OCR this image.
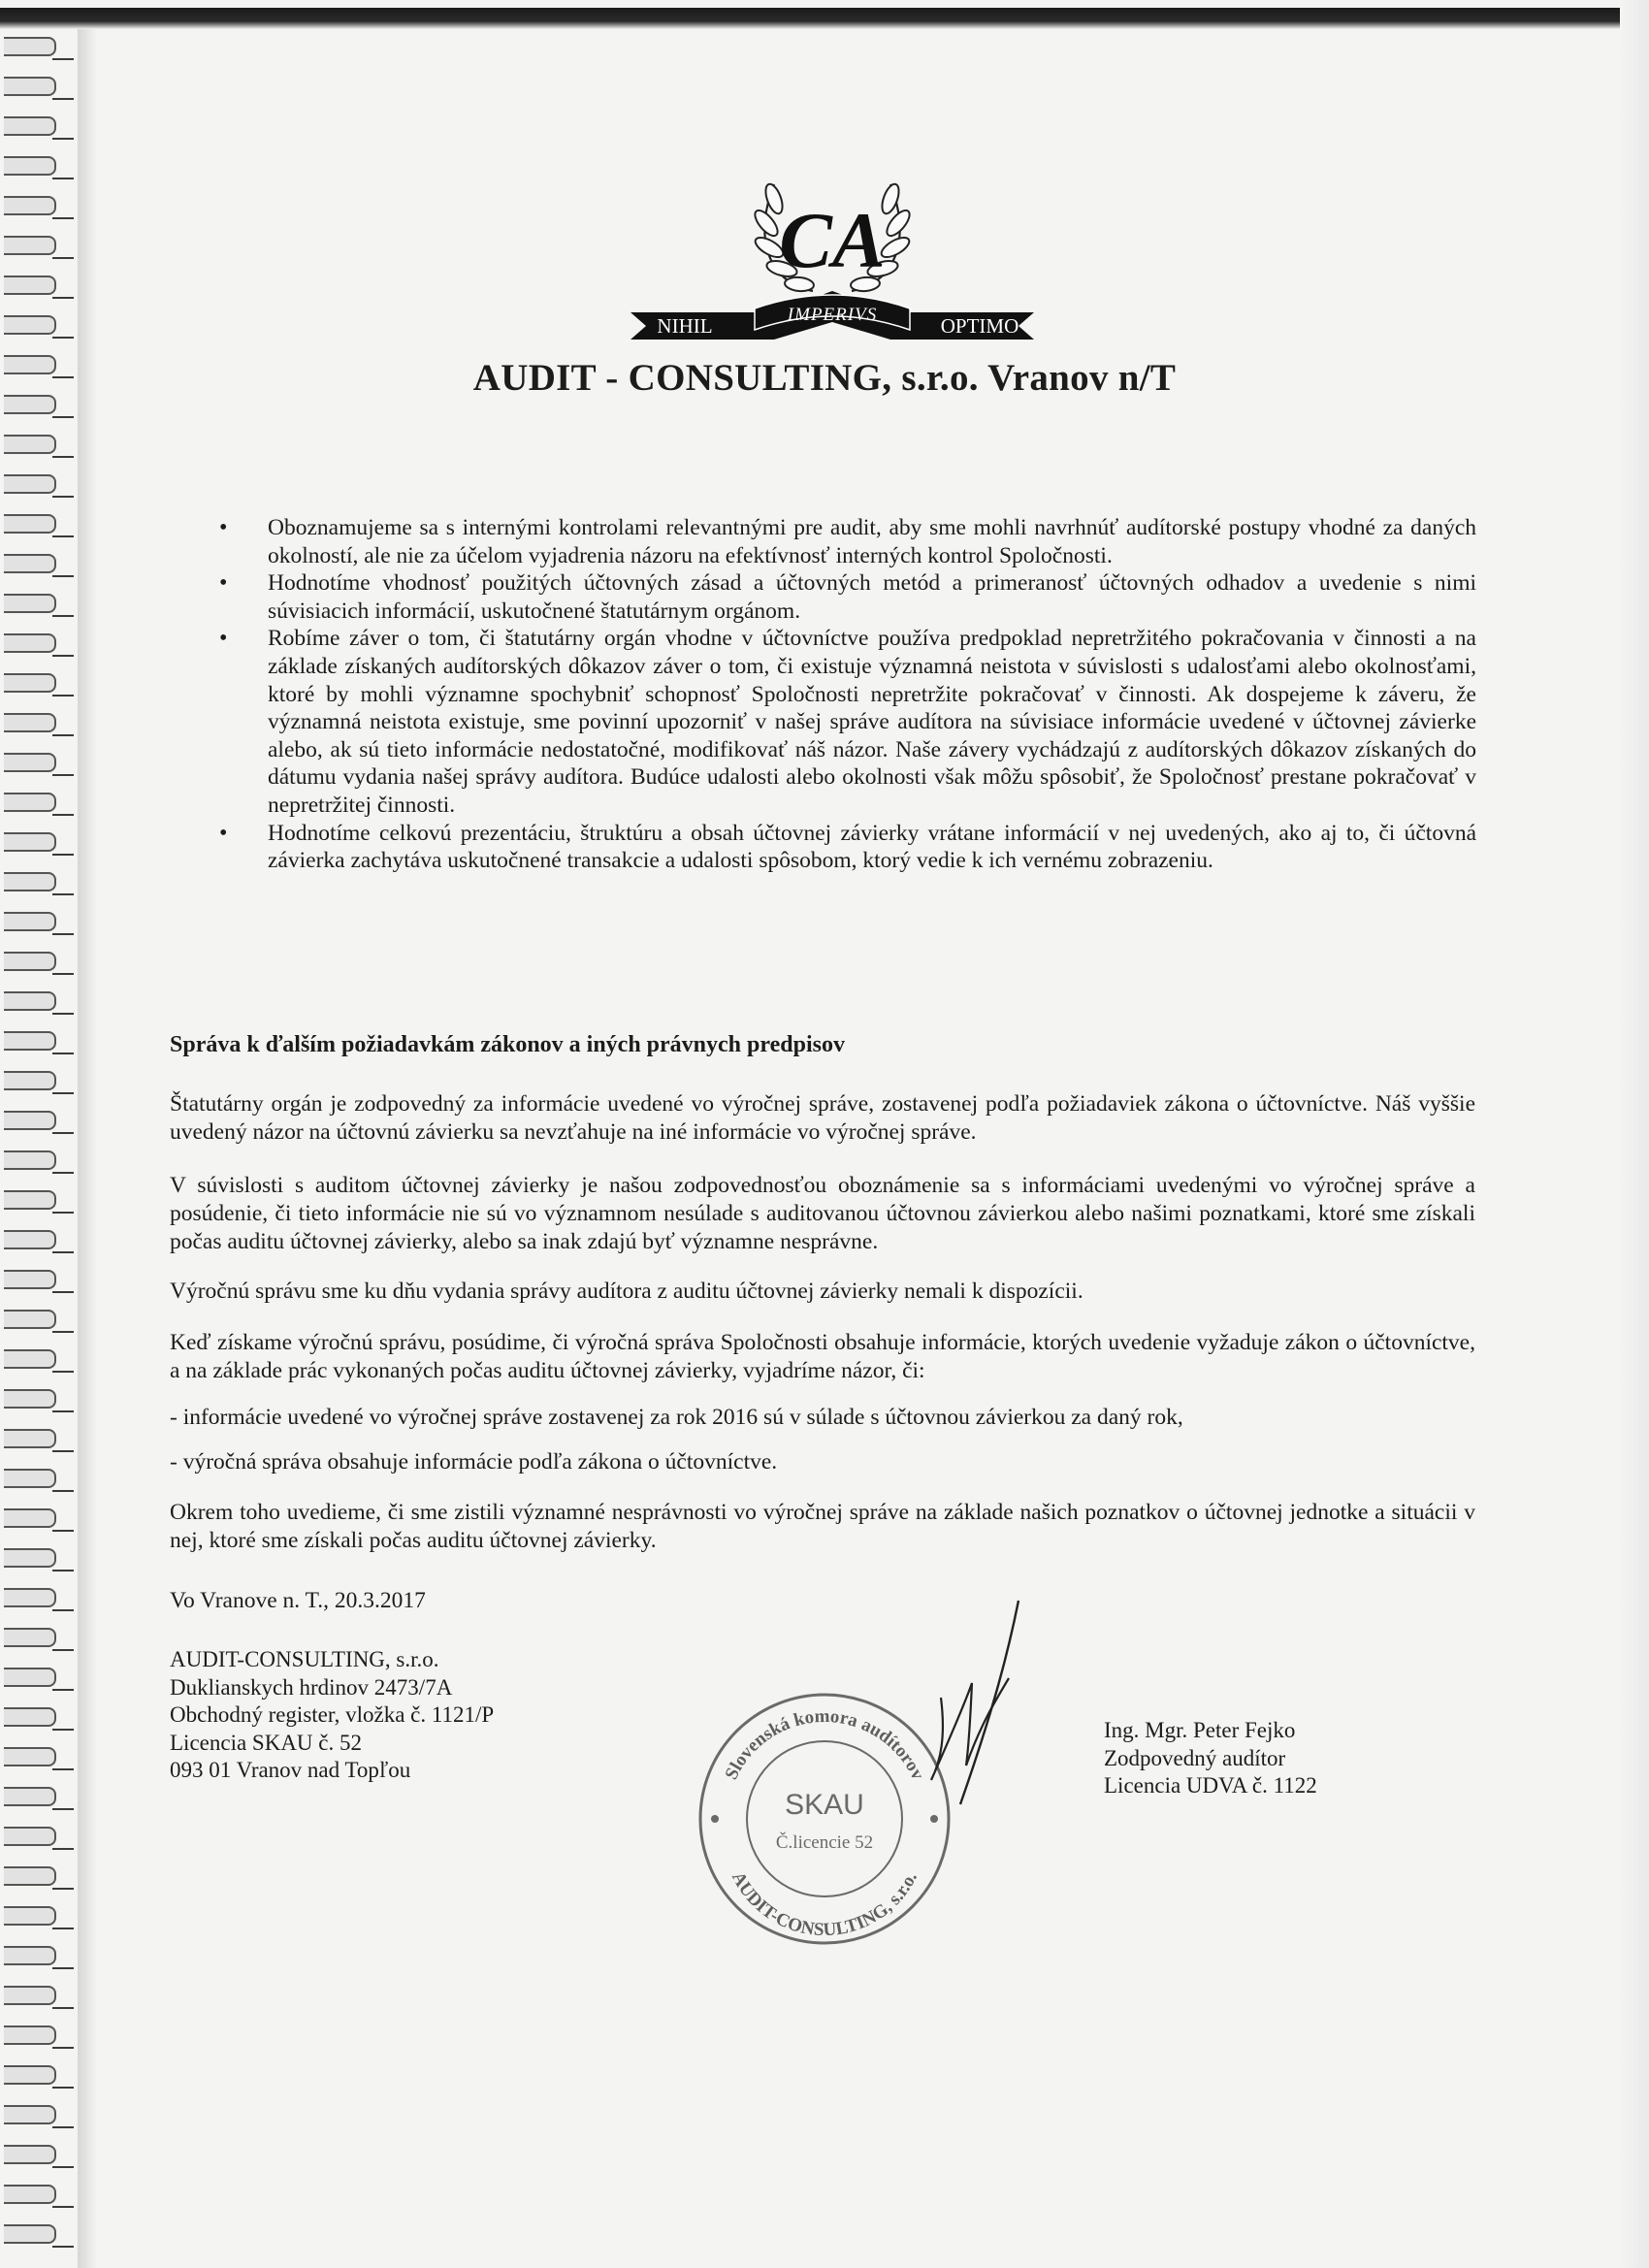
CA
NIHIL	IMPERIVS	OPTIMO
AUDIT - CONSULTING, s.r.o. Vranov n/T
• Oboznamujeme sa s internými kontrolami relevantnými pre audit, aby sme mohli navrhnúť audítorské postupy vhodné za daných okolností, ale nie za účelom vyjadrenia názoru na efektívnosť interných kontrol Spoločnosti.
• Hodnotíme vhodnosť použitých účtovných zásad a účtovných metód a primeranosť účtovných odhadov a uvedenie s nimi súvisiacich informácií, uskutočnené štatutárnym orgánom.
• Robíme záver o tom, či štatutárny orgán vhodne v účtovníctve používa predpoklad nepretržitého pokračovania v činnosti a na základe získaných audítorských dôkazov záver o tom, či existuje významná neistota v súvislosti s udalosťami alebo okolnosťami, ktoré by mohli významne spochybniť schopnosť Spoločnosti nepretržite pokračovať v činnosti. Ak dospejeme k záveru, že významná neistota existuje, sme povinní upozorniť v našej správe audítora na súvisiace informácie uvedené v účtovnej závierke alebo, ak sú tieto informácie nedostatočné, modifikovať náš názor. Naše závery vychádzajú z audítorských dôkazov získaných do dátumu vydania našej správy audítora. Budúce udalosti alebo okolnosti však môžu spôsobiť, že Spoločnosť prestane pokračovať v nepretržitej činnosti.
• Hodnotíme celkovú prezentáciu, štruktúru a obsah účtovnej závierky vrátane informácií v nej uvedených, ako aj to, či účtovná závierka zachytáva uskutočnené transakcie a udalosti spôsobom, ktorý vedie k ich vernému zobrazeniu.
Správa k ďalším požiadavkám zákonov a iných právnych predpisov

Štatutárny orgán je zodpovedný za informácie uvedené vo výročnej správe, zostavenej podľa požiadaviek zákona o účtovníctve. Náš vyššie uvedený názor na účtovnú závierku sa nevzťahuje na iné informácie vo výročnej správe.

V súvislosti s auditom účtovnej závierky je našou zodpovednosťou oboznámenie sa s informáciami uvedenými vo výročnej správe a posúdenie, či tieto informácie nie sú vo významnom nesúlade s auditovanou účtovnou závierkou alebo našimi poznatkami, ktoré sme získali počas auditu účtovnej závierky, alebo sa inak zdajú byť významne nesprávne.

Výročnú správu sme ku dňu vydania správy audítora z auditu účtovnej závierky nemali k dispozícii.

Keď získame výročnú správu, posúdime, či výročná správa Spoločnosti obsahuje informácie, ktorých uvedenie vyžaduje zákon o účtovníctve, a na základe prác vykonaných počas auditu účtovnej závierky, vyjadríme názor, či:

- informácie uvedené vo výročnej správe zostavenej za rok 2016 sú v súlade s účtovnou závierkou za daný rok,

- výročná správa obsahuje informácie podľa zákona o účtovníctve.

Okrem toho uvedieme, či sme zistili významné nesprávnosti vo výročnej správe na základe našich poznatkov o účtovnej jednotke a situácii v nej, ktoré sme získali počas auditu účtovnej závierky.

Vo Vranove n. T., 20.3.2017

AUDIT-CONSULTING, s.r.o.
Duklianskych hrdinov 2473/7A
Obchodný register, vložka č. 1121/P
Licencia SKAU č. 52
093 01 Vranov nad Topľou	Slovenská komora audítorov
AUDIT-CONSULTING, s.r.o.
SKAU
Č.licencie 52
Ing. Mgr. Peter Fejko
Zodpovedný audítor
Licencia UDVA č. 1122
